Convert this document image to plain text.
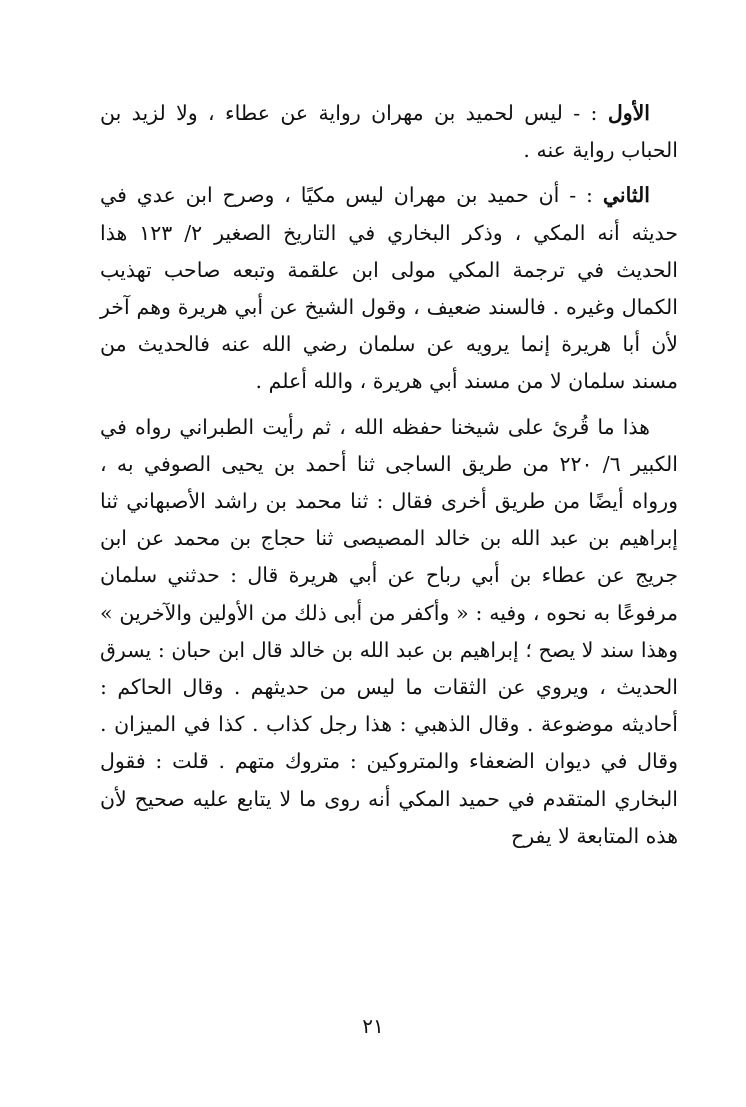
الأول : - ليس لحميد بن مهران رواية عن عطاء ، ولا لزيد بن الحباب رواية عنه .

الثاني : - أن حميد بن مهران ليس مكيًا ، وصرح ابن عدي في حديثه أنه المكي ، وذكر البخاري في التاريخ الصغير ٢/ ١٢٣ هذا الحديث في ترجمة المكي مولى ابن علقمة وتبعه صاحب تهذيب الكمال وغيره . فالسند ضعيف ، وقول الشيخ عن أبي هريرة وهم آخر لأن أبا هريرة إنما يرويه عن سلمان رضي الله عنه فالحديث من مسند سلمان لا من مسند أبي هريرة ، والله أعلم .

هذا ما قُرئ على شيخنا حفظه الله ، ثم رأيت الطبراني رواه في الكبير ٦/ ٢٢٠ من طريق الساجى ثنا أحمد بن يحيى الصوفي به ، ورواه أيضًا من طريق أخرى فقال : ثنا محمد بن راشد الأصبهاني ثنا إبراهيم بن عبد الله بن خالد المصيصى ثنا حجاج بن محمد عن ابن جريج عن عطاء بن أبي رباح عن أبي هريرة قال : حدثني سلمان مرفوعًا به نحوه ، وفيه : « وأكفر من أبى ذلك من الأولين والآخرين » وهذا سند لا يصح ؛ إبراهيم بن عبد الله بن خالد قال ابن حبان : يسرق الحديث ، ويروي عن الثقات ما ليس من حديثهم . وقال الحاكم : أحاديثه موضوعة . وقال الذهبي : هذا رجل كذاب . كذا في الميزان . وقال في ديوان الضعفاء والمتروكين : متروك متهم . قلت : فقول البخاري المتقدم في حميد المكي أنه روى ما لا يتابع عليه صحيح لأن هذه المتابعة لا يفرح

٢١
